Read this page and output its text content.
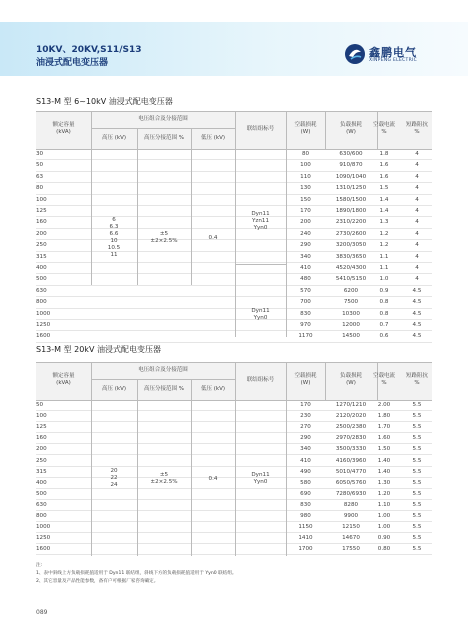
10KV、20KV,S11/S13
油浸式配电变压器
鑫鹏电气
XINPENG ELECTRIC
S13-M 型 6~10kV 油浸式配电变压器
额定容量
(kVA)
电压组合及分接范围
高压 (kV)	高压分接范围 %	低压 (kV)
联结组标号
空载损耗
(W)
负载损耗
(W)
空载电流
%
短路阻抗
%
30	80	630/600	1.8	4
50	100	910/870	1.6	4
63	110	1090/1040	1.6	4
80	130	1310/1250	1.5	4
100	150	1580/1500	1.4	4
125	170	1890/1800	1.4	4
160	200	2310/2200	1.3	4
200	240	2730/2600	1.2	4
250	290	3200/3050	1.2	4
315	340	3830/3650	1.1	4
400	410	4520/4300	1.1	4
500	480	5410/5150	1.0	4
630	570	6200	0.9	4.5
800	700	7500	0.8	4.5
1000	830	10300	0.8	4.5
1250	970	12000	0.7	4.5
1600	1170	14500	0.6	4.5
6
6.3
6.6
10
10.5
11
±5
±2×2.5%	0.4
Dyn11
Yzn11
Yyn0
Dyn11
Yyn0
S13-M 型 20kV 油浸式配电变压器
额定容量
(kVA)
电压组合及分接范围
高压 (kV)	高压分接范围 %	低压 (kV)
联结组标号
空载损耗
(W)
负载损耗
(W)
空载电流
%
短路阻抗
%
50	170	1270/1210	2.00	5.5
100	230	2120/2020	1.80	5.5
125	270	2500/2380	1.70	5.5
160	290	2970/2830	1.60	5.5
200	340	3500/3330	1.50	5.5
250	410	4160/3960	1.40	5.5
315	490	5010/4770	1.40	5.5
400	580	6050/5760	1.30	5.5
500	690	7280/6930	1.20	5.5
630	830	8280	1.10	5.5
800	980	9900	1.00	5.5
1000	1150	12150	1.00	5.5
1250	1410	14670	0.90	5.5
1600	1700	17550	0.80	5.5
20
22
24
±5
±2×2.5%	0.4
Dyn11
Yyn0
注:
1、表中斜线上方负载损耗值适用于 Dyn11 联结组，斜线下方的负载损耗值适用于 Yyn0 联结组。
2、其它容量及产品性能参数，备有户可根据厂家咨询确定。
089
